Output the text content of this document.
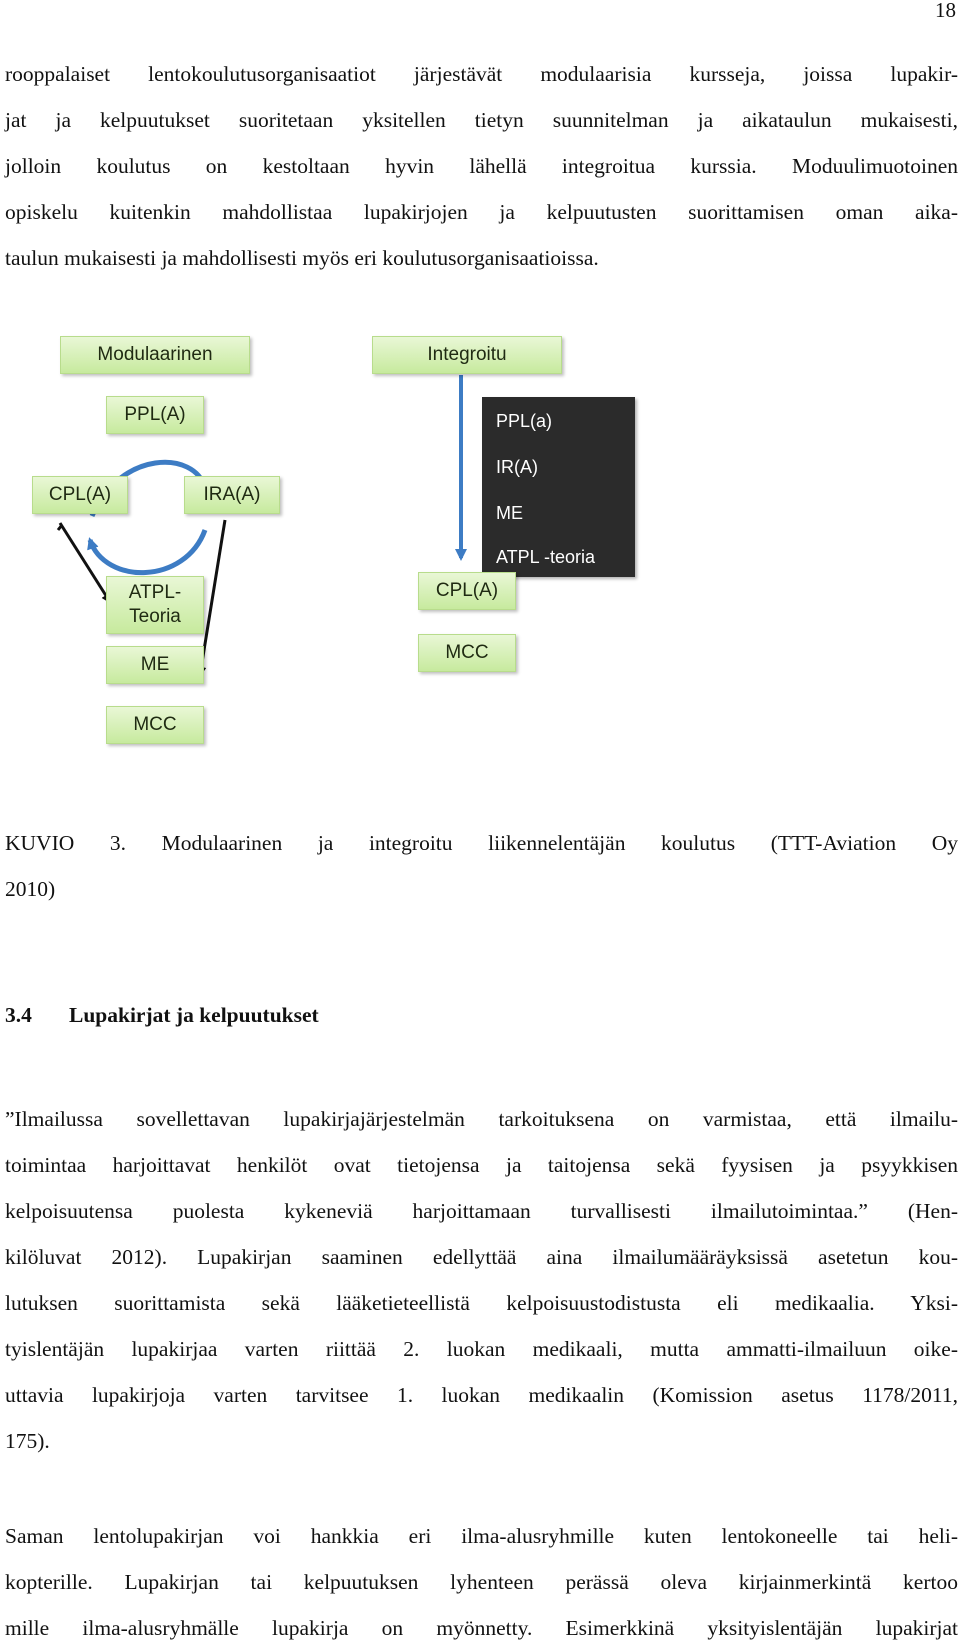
18
rooppalaiset lentokoulutusorganisaatiot järjestävät modulaarisia kursseja, joissa lupakir-
jat ja kelpuutukset suoritetaan yksitellen tietyn suunnitelman ja aikataulun mukaisesti,
jolloin koulutus on kestoltaan hyvin lähellä integroitua kurssia. Moduulimuotoinen
opiskelu kuitenkin mahdollistaa lupakirjojen ja kelpuutusten suorittamisen oman aika-
taulun mukaisesti ja mahdollisesti myös eri koulutusorganisaatioissa.
Modulaarinen
PPL(A)
CPL(A)	IRA(A)
ATPL-
Teoria
ME
MCC
Integroitu
PPL(a)
IR(A)
ME
ATPL -teoria
CPL(A)
MCC
KUVIO 3. Modulaarinen ja integroitu liikennelentäjän koulutus (TTT-Aviation Oy
2010)
3.4 Lupakirjat ja kelpuutukset
”Ilmailussa sovellettavan lupakirjajärjestelmän tarkoituksena on varmistaa, että ilmailu-
toimintaa harjoittavat henkilöt ovat tietojensa ja taitojensa sekä fyysisen ja psyykkisen
kelpoisuutensa puolesta kykeneviä harjoittamaan turvallisesti ilmailutoimintaa.” (Hen-
kilöluvat 2012). Lupakirjan saaminen edellyttää aina ilmailumääräyksissä asetetun kou-
lutuksen suorittamista sekä lääketieteellistä kelpoisuustodistusta eli medikaalia. Yksi-
tyislentäjän lupakirjaa varten riittää 2. luokan medikaali, mutta ammatti-ilmailuun oike-
uttavia lupakirjoja varten tarvitsee 1. luokan medikaalin (Komission asetus 1178/2011,
175).
Saman lentolupakirjan voi hankkia eri ilma-alusryhmille kuten lentokoneelle tai heli-
kopterille. Lupakirjan tai kelpuutuksen lyhenteen perässä oleva kirjainmerkintä kertoo
mille ilma-alusryhmälle lupakirja on myönnetty. Esimerkkinä yksityislentäjän lupakirjat
